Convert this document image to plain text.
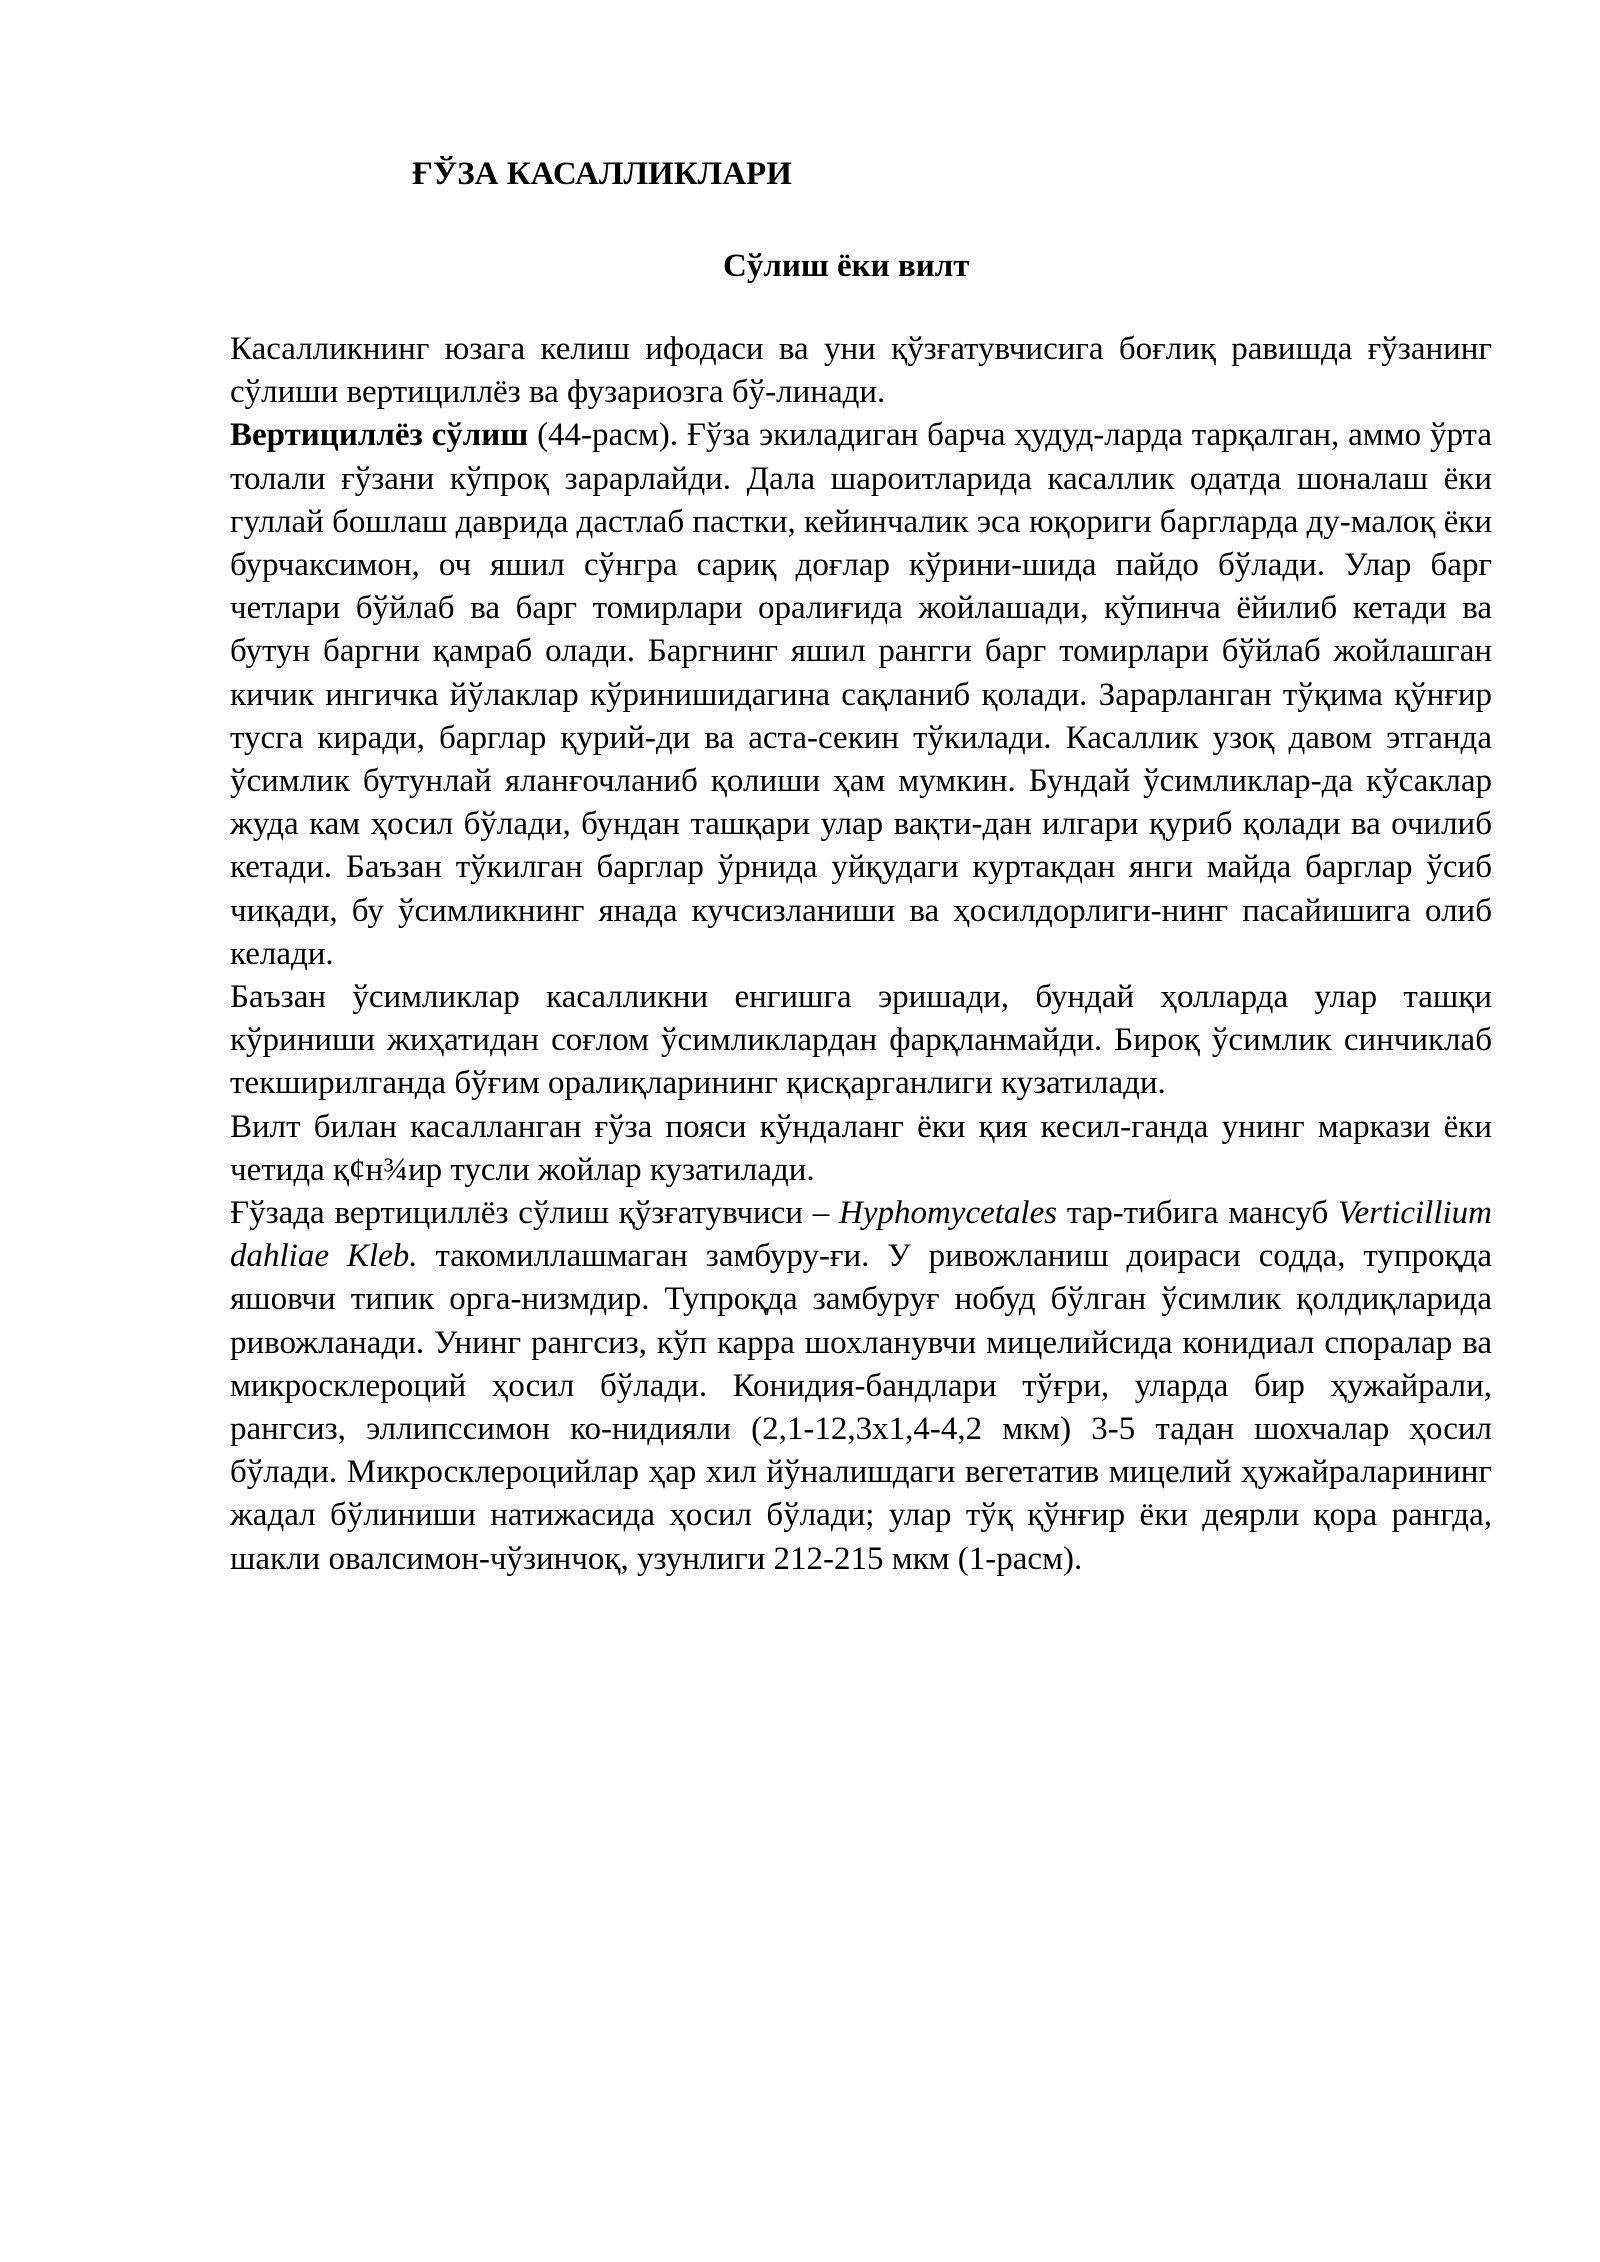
ҒЎЗА КАСАЛЛИКЛАРИ
Сўлиш ёки вилт

Касалликнинг юзага келиш ифодаси ва уни қўзғатувчисига боғлиқ равишда ғўзанинг сўлиши вертициллёз ва фузариозга бў-линади.

Вертициллёз сўлиш (44-расм). Ғўза экиладиган барча ҳудуд-ларда тарқалган, аммо ўрта толали ғўзани кўпроқ зарарлайди. Дала шароитларида касаллик одатда шоналаш ёки гуллай бошлаш даврида дастлаб пастки, кейинчалик эса юқориги баргларда ду-малоқ ёки бурчаксимон, оч яшил сўнгра сариқ доғлар кўрини-шида пайдо бўлади. Улар барг четлари бўйлаб ва барг томирлари оралиғида жойлашади, кўпинча ёйилиб кетади ва бутун баргни қамраб олади. Баргнинг яшил рангги барг томирлари бўйлаб жойлашган кичик ингичка йўлаклар кўринишидагина сақланиб қолади. Зарарланган тўқима қўнғир тусга киради, барглар қурий-ди ва аста-секин тўкилади. Касаллик узоқ давом этганда ўсимлик бутунлай яланғочланиб қолиши ҳам мумкин. Бундай ўсимликлар-да кўсаклар жуда кам ҳосил бўлади, бундан ташқари улар вақти-дан илгари қуриб қолади ва очилиб кетади. Баъзан тўкилган барглар ўрнида уйқудаги куртакдан янги майда барглар ўсиб чиқади, бу ўсимликнинг янада кучсизланиши ва ҳосилдорлиги-нинг пасайишига олиб келади.

Баъзан ўсимликлар касалликни енгишга эришади, бундай ҳолларда улар ташқи кўриниши жиҳатидан соғлом ўсимликлардан фарқланмайди. Бироқ ўсимлик синчиклаб текширилганда бўғим оралиқларининг қисқарганлиги кузатилади.

Вилт билан касалланган ғўза пояси кўндаланг ёки қия кесил-ганда унинг маркази ёки четида қ¢н¾ир тусли жойлар кузатилади.

Ғўзада вертициллёз сўлиш қўзғатувчиси – Hyphomycetales тар-тибига мансуб Verticillium dahliae Kleb. такомиллашмаган замбуру-ғи. У ривожланиш доираси содда, тупроқда яшовчи типик орга-низмдир. Тупроқда замбуруғ нобуд бўлган ўсимлик қолдиқларида ривожланади. Унинг рангсиз, кўп карра шохланувчи мицелийсида конидиал споралар ва микросклероций ҳосил бўлади. Конидия-бандлари тўғри, уларда бир ҳужайрали, рангсиз, эллипссимон ко-нидияли (2,1-12,3х1,4-4,2 мкм) 3-5 тадан шохчалар ҳосил бўлади. Микросклероцийлар ҳар хил йўналишдаги вегетатив мицелий ҳужайраларининг жадал бўлиниши натижасида ҳосил бўлади; улар тўқ қўнғир ёки деярли қора рангда, шакли овалсимон-чўзинчоқ, узунлиги 212-215 мкм (1-расм).
